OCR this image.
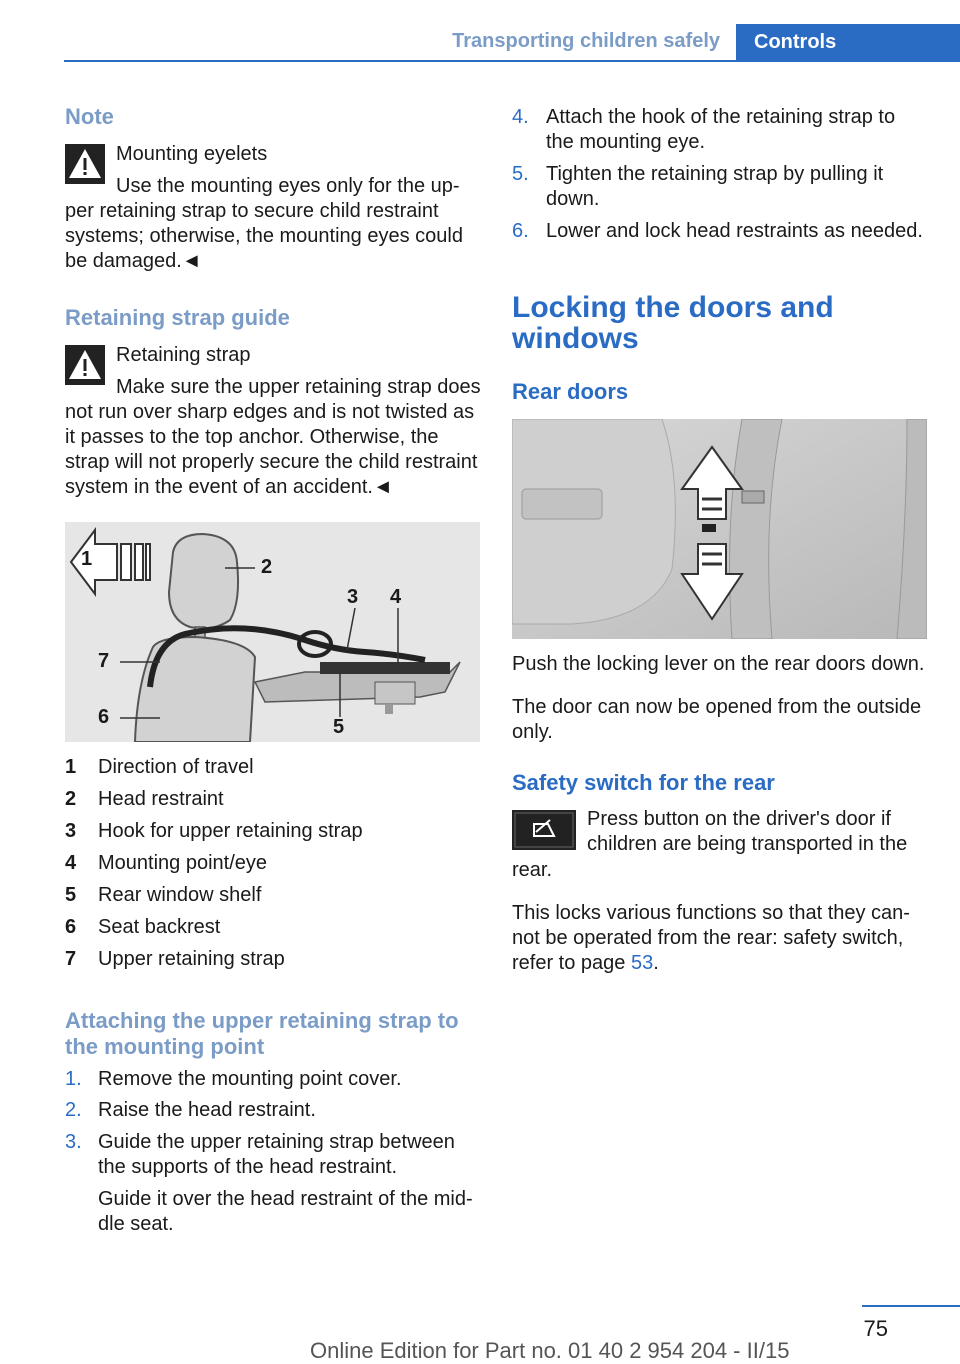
Transporting children safely Controls
Note
Mounting eyelets
Use the mounting eyes only for the up-
per retaining strap to secure child restraint
systems; otherwise, the mounting eyes could
be damaged.◄
Retaining strap guide
Retaining strap
Make sure the upper retaining strap does
not run over sharp edges and is not twisted as
it passes to the top anchor. Otherwise, the
strap will not properly secure the child restraint
system in the event of an accident.◄
1	2
3 4
5
6
7
1 Direction of travel
2 Head restraint
3 Hook for upper retaining strap
4 Mounting point/eye
5 Rear window shelf
6 Seat backrest
7 Upper retaining strap
Attaching the upper retaining strap to
the mounting point
1. Remove the mounting point cover.
2. Raise the head restraint.
3. Guide the upper retaining strap between
the supports of the head restraint.
Guide it over the head restraint of the mid-
dle seat.
4. Attach the hook of the retaining strap to
the mounting eye.
5. Tighten the retaining strap by pulling it
down.
6. Lower and lock head restraints as needed.
Locking the doors and
windows
Rear doors
Push the locking lever on the rear doors down.
The door can now be opened from the outside
only.
Safety switch for the rear
Press button on the driver's door if
children are being transported in the
rear.
This locks various functions so that they can-
not be operated from the rear: safety switch,
refer to page 53.
75
Online Edition for Part no. 01 40 2 954 204 - II/15
